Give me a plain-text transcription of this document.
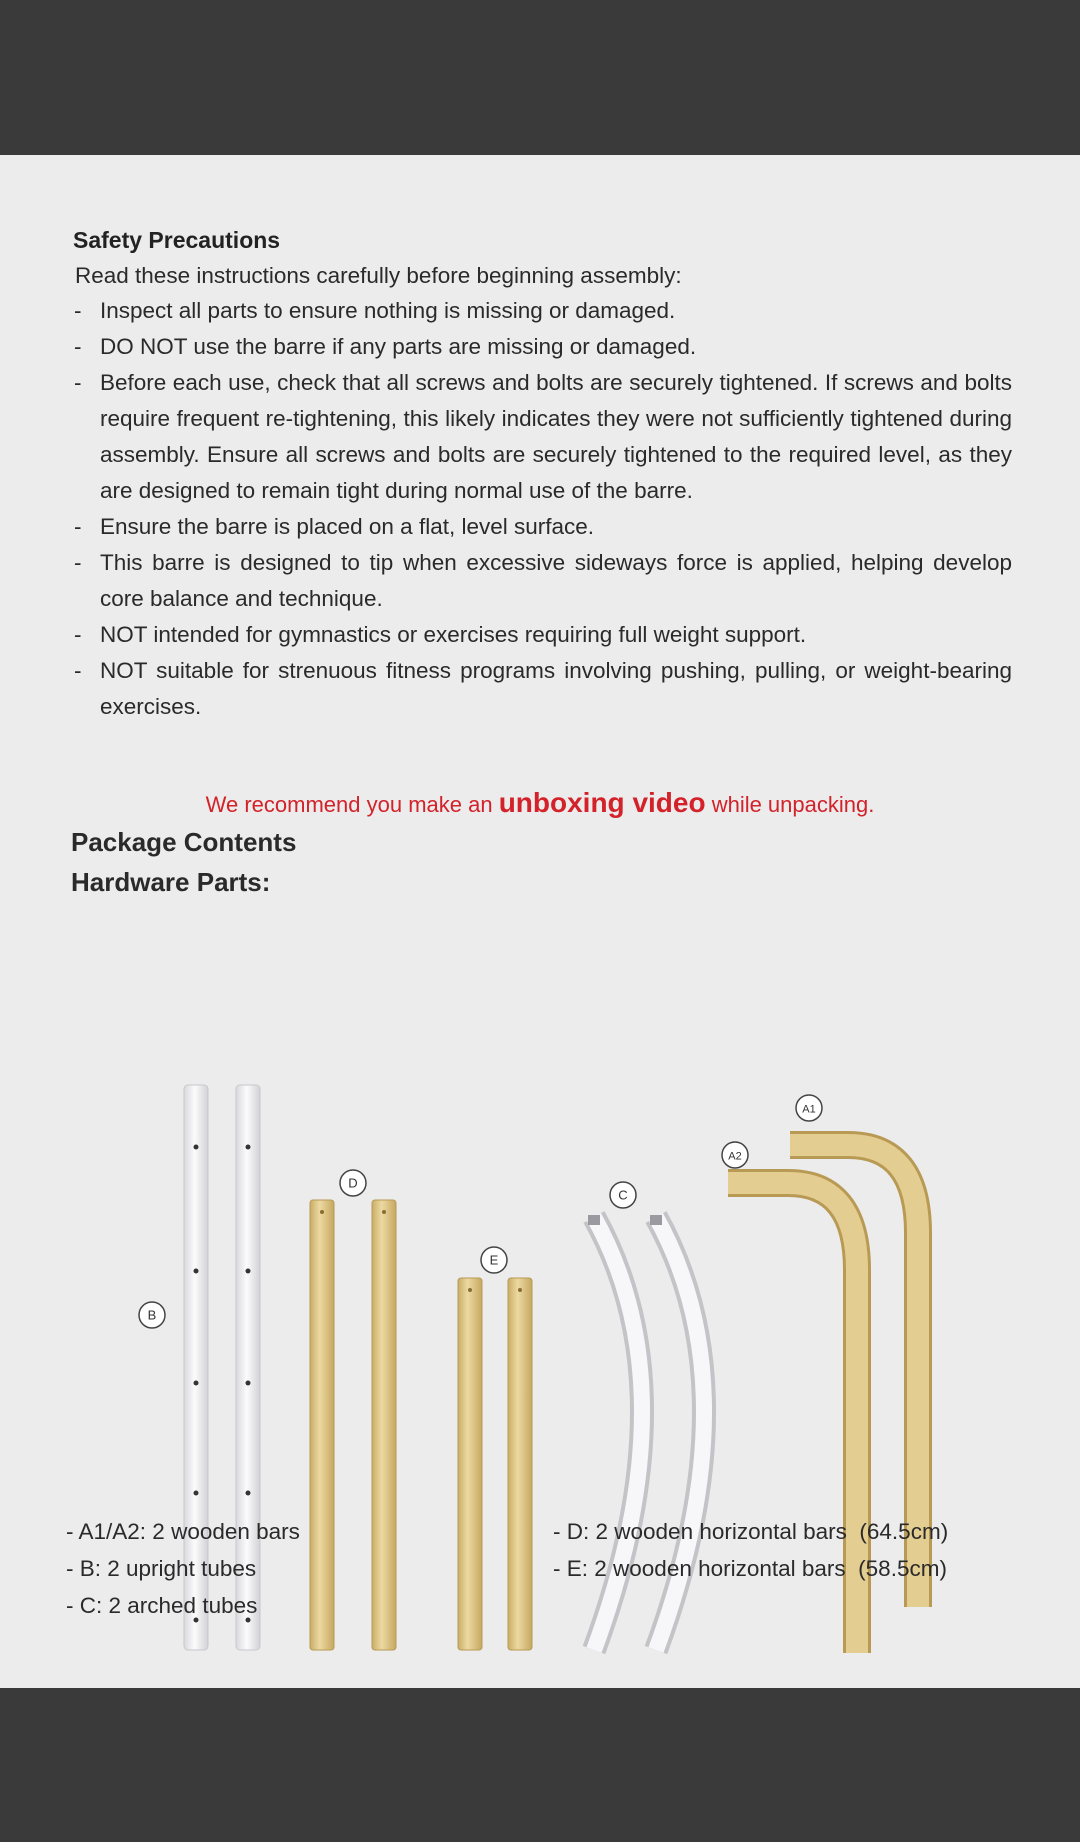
Safety Precautions
Read these instructions carefully before beginning assembly:
- Inspect all parts to ensure nothing is missing or damaged.
- DO NOT use the barre if any parts are missing or damaged.
- Before each use, check that all screws and bolts are securely tightened. If screws and bolts require frequent re-tightening, this likely indicates they were not sufficiently tightened during assembly. Ensure all screws and bolts are securely tightened to the required level, as they are designed to remain tight during normal use of the barre.
- Ensure the barre is placed on a flat, level surface.
- This barre is designed to tip when excessive sideways force is applied, helping develop core balance and technique.
- NOT intended for gymnastics or exercises requiring full weight support.
- NOT suitable for strenuous fitness programs involving pushing, pulling, or weight-bearing exercises.
We recommend you make an unboxing video while unpacking.
Package Contents
Hardware Parts:
B
D
E
C
A2
A1
- A1/A2: 2 wooden bars
- B: 2 upright tubes
- C: 2 arched tubes
- D: 2 wooden horizontal bars  (64.5cm)
- E: 2 wooden horizontal bars  (58.5cm)
